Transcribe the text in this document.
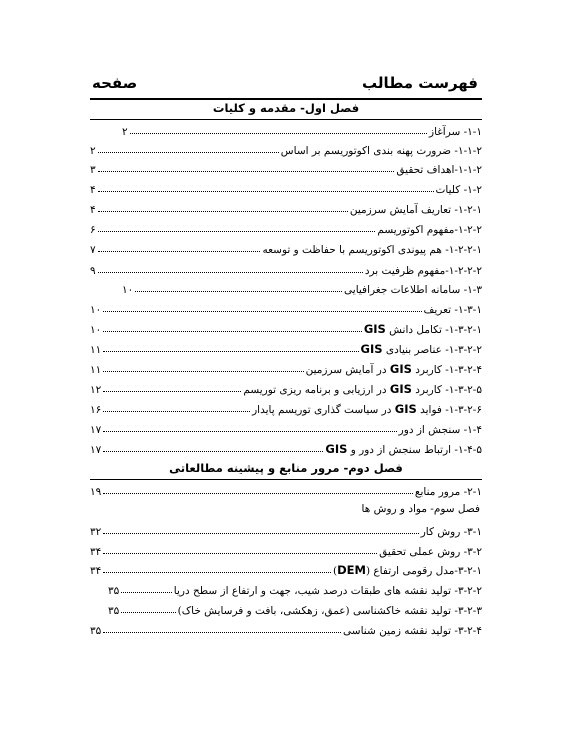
فهرست مطالب
صفحه
فصل اول- مقدمه و کلیات
۱-۱- سرآغاز
۲
۱-۱-۲- ضرورت پهنه بندی اکوتوریسم بر اساس
۲
۱-۱-۲-اهداف تحقیق
۳
۱-۲- کلیات
۴
۱-۲-۱- تعاریف آمایش سرزمین
۴
۱-۲-۲-مفهوم اکوتوریسم
۶
۱-۲-۲-۱- هم پیوندی اکوتوریسم با حفاظت و توسعه
۷
۱-۲-۲-۲-مفهوم ظرفیت برد
۹
۱-۳- سامانه اطلاعات جغرافیایی
۱۰
۱-۳-۱- تعریف
۱۰
۱-۳-۲-۱- تکامل دانش GIS
۱۰
۱-۳-۲-۲- عناصر بنیادی GIS
۱۱
۱-۳-۲-۴- کاربرد GIS در آمایش سرزمین
۱۱
۱-۳-۲-۵- کاربرد GIS در ارزیابی و برنامه ریزی توریسم
۱۲
۱-۳-۲-۶- فواید GIS در سیاست گذاری توریسم پایدار
۱۶
۱-۴- سنجش از دور
۱۷
۱-۴-۵- ارتباط سنجش از دور و GIS
۱۷
فصل دوم- مرور منابع و پیشینه مطالعاتی
۲-۱- مرور منابع
۱۹
فصل سوم- مواد و روش ها
۳-۱- روش کار
۳۲
۳-۲- روش عملی تحقیق
۳۴
۳-۲-۱-مدل رقومی ارتفاع (DEM)
۳۴
۳-۲-۲- تولید نقشه های طبقات درصد شیب، جهت و ارتفاع از سطح دریا
۳۵
۳-۲-۳- تولید نقشه خاکشناسی (عمق، زهکشی، بافت و فرسایش خاک)
۳۵
۳-۲-۴- تولید نقشه زمین شناسی
۳۵
